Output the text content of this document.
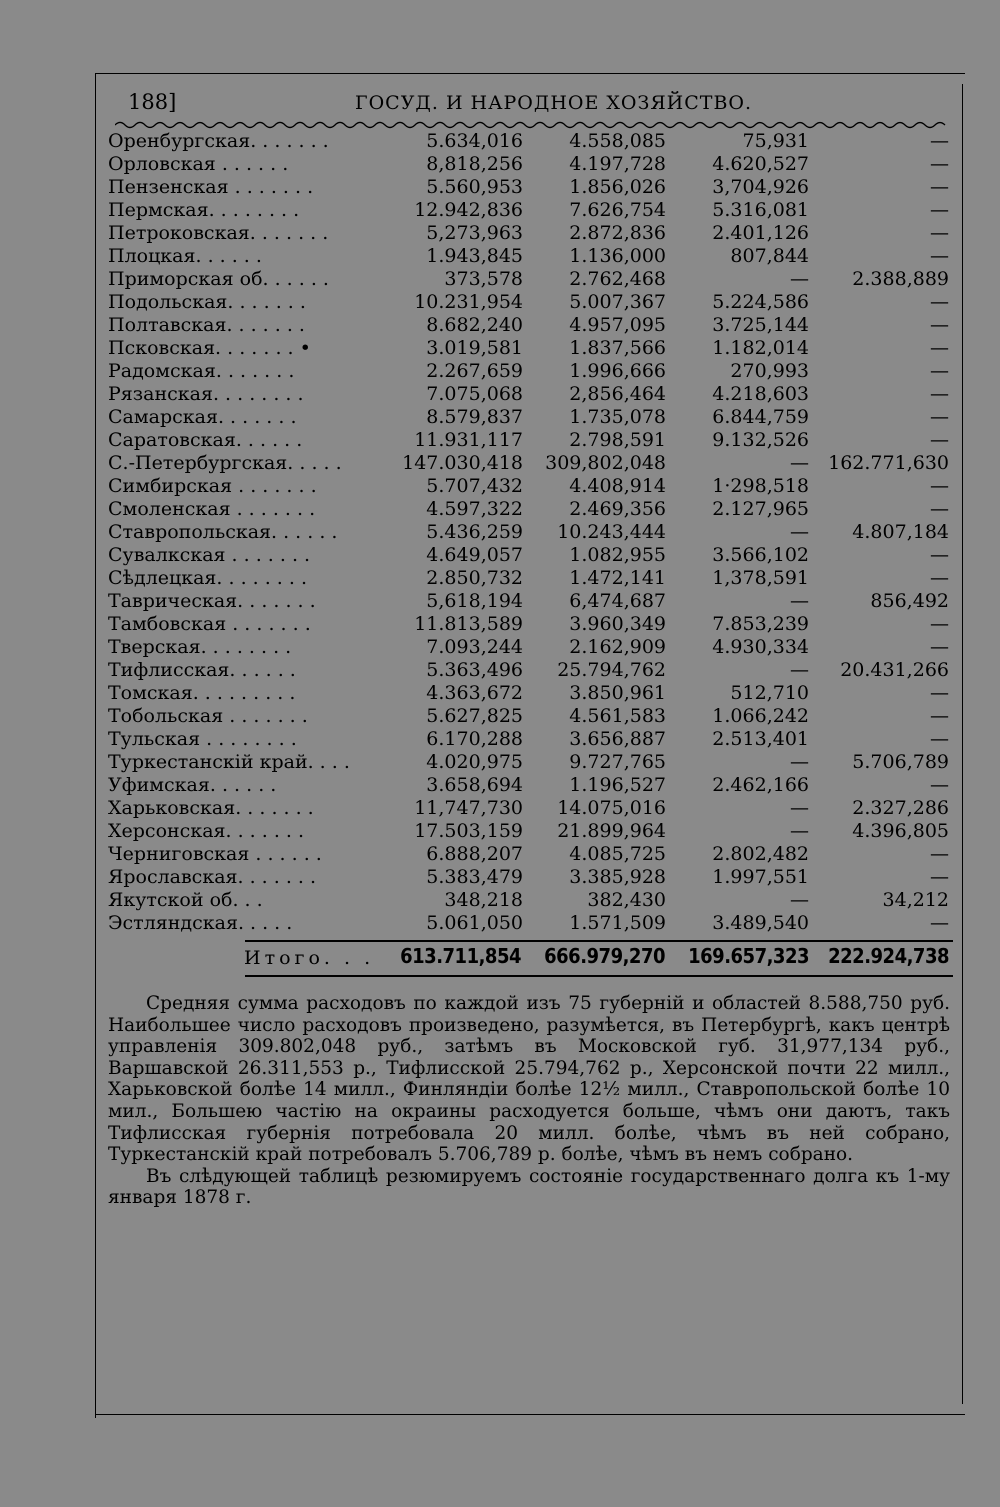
188]	ГОСУД. И НАРОДНОЕ ХОЗЯЙСТВО.
Оренбургская. . . . . . .	5.634,016 4.558,085	75,931	—
Орловская . . . . . .	8,818,256 4.197,728 4.620,527	—
Пензенская . . . . . . .	5.560,953 1.856,026 3,704,926	—
Пермская. . . . . . . .	12.942,836 7.626,754 5.316,081	—
Петроковская. . . . . . .	5,273,963 2.872,836 2.401,126	—
Плоцкая. . . . . .	1.943,845 1.136,000	807,844	—
Приморская об. . . . . .	373,578 2.762,468	— 2.388,889
Подольская. . . . . . .	10.231,954 5.007,367 5.224,586	—
Полтавская. . . . . . .	8.682,240 4.957,095 3.725,144	—
Псковская. . . . . . . •	3.019,581 1.837,566 1.182,014	—
Радомская. . . . . . .	2.267,659 1.996,666	270,993	—
Рязанская. . . . . . . .	7.075,068 2,856,464 4.218,603	—
Самарская. . . . . . .	8.579,837 1.735,078 6.844,759	—
Саратовская. . . . . .	11.931,117 2.798,591 9.132,526	—
С.-Петербургская. . . . .	147.030,418 309,802,048	— 162.771,630
Симбирская . . . . . . .	5.707,432 4.408,914 1·298,518	—
Смоленская . . . . . . .	4.597,322 2.469,356 2.127,965	—
Ставропольская. . . . . .	5.436,259 10.243,444	— 4.807,184
Сувалкская . . . . . . .	4.649,057 1.082,955 3.566,102	—
Сѣдлецкая. . . . . . . .	2.850,732 1.472,141 1,378,591	—
Таврическая. . . . . . .	5,618,194 6,474,687	—	856,492
Тамбовская . . . . . . .	11.813,589 3.960,349 7.853,239	—
Тверская. . . . . . . .	7.093,244 2.162,909 4.930,334	—
Тифлисская. . . . . .	5.363,496 25.794,762	— 20.431,266
Томская. . . . . . . . .	4.363,672 3.850,961	512,710	—
Тобольская . . . . . . .	5.627,825 4.561,583 1.066,242	—
Тульская . . . . . . . .	6.170,288 3.656,887 2.513,401	—
Туркестанскій край. . . .	4.020,975 9.727,765	— 5.706,789
Уфимская. . . . . .	3.658,694 1.196,527 2.462,166	—
Харьковская. . . . . . .	11,747,730 14.075,016	— 2.327,286
Херсонская. . . . . . .	17.503,159 21.899,964	— 4.396,805
Черниговская . . . . . .	6.888,207 4.085,725 2.802,482	—
Ярославская. . . . . . .	5.383,479 3.385,928 1.997,551	—
Якутской об. . .	348,218	382,430	—	34,212
Эстляндская. . . . .	5.061,050 1.571,509 3.489,540	—
Итого. . . 613.711,854 666.979,270 169.657,323 222.924,738

Средняя сумма расходовъ по каждой изъ 75 губерній и областей 8.588,750 руб. Наибольшее число расходовъ произведено, разумѣется, въ Петербургѣ, какъ центрѣ управленія 309.802,048 руб., затѣмъ въ Московской губ. 31,977,134 руб., Варшавской 26.311,553 р., Тифлисской 25.794,762 р., Херсонской почти 22 милл., Харьковской болѣе 14 милл., Финляндіи болѣе 12½ милл., Ставропольской болѣе 10 мил., Большею частію на окраины расходуется больше, чѣмъ они даютъ, такъ Тифлисская губернія потребовала 20 милл. болѣе, чѣмъ въ ней собрано, Туркестанскій край потребовалъ 5.706,789 р. болѣе, чѣмъ въ немъ собрано.

Въ слѣдующей таблицѣ резюмируемъ состояніе государственнаго долга къ 1-му января 1878 г.
